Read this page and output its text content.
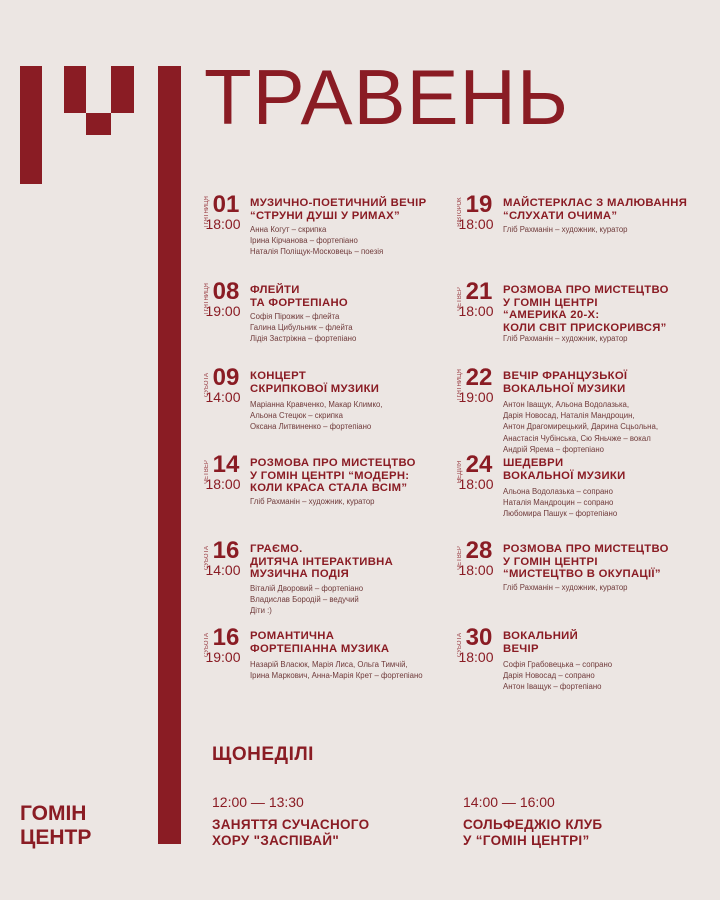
ТРАВЕНЬ
П'ЯТНИЦЯ 01
18:00
МУЗИЧНО-ПОЕТИЧНИЙ ВЕЧІР
“СТРУНИ ДУШІ У РИМАХ”
Анна Когут – скрипка
Ірина Кірчанова – фортепіано
Наталія Поліщук-Московець – поезія
П'ЯТНИЦЯ 08
19:00
ФЛЕЙТИ
ТА ФОРТЕПІАНО
Софія Пірожик – флейта
Галина Цибульник – флейта
Лідія Застріжна – фортепіано
СУБОТА 09
14:00
КОНЦЕРТ
СКРИПКОВОЇ МУЗИКИ
Маріанна Кравченко, Макар Климко,
Альона Стецюк – скрипка
Оксана Литвиненко – фортепіано
ЧЕТВЕР 14
18:00
РОЗМОВА ПРО МИСТЕЦТВО
У ГОМІН ЦЕНТРІ “МОДЕРН:
КОЛИ КРАСА СТАЛА ВСІМ”
Гліб Рахманін – художник, куратор
СУБОТА 16
14:00
ГРАЄМО.
ДИТЯЧА ІНТЕРАКТИВНА
МУЗИЧНА ПОДІЯ
Віталій Дворовий – фортепіано
Владислав Бородій – ведучий
Діти :)
СУБОТА 16
19:00
РОМАНТИЧНА
ФОРТЕПІАННА МУЗИКА
Назарій Власюк, Марія Лиса, Ольга Тимчій,
Ірина Маркович, Анна-Марія Крет – фортепіано
ВІВТОРОК 19
18:00
МАЙСТЕРКЛАС З МАЛЮВАННЯ
“СЛУХАТИ ОЧИМА”
Гліб Рахманін – художник, куратор
ЧЕТВЕР 21
18:00
РОЗМОВА ПРО МИСТЕЦТВО
У ГОМІН ЦЕНТРІ
“АМЕРИКА 20-Х:
КОЛИ СВІТ ПРИСКОРИВСЯ”
Гліб Рахманін – художник, куратор
П'ЯТНИЦЯ 22
19:00
ВЕЧІР ФРАНЦУЗЬКОЇ
ВОКАЛЬНОЇ МУЗИКИ
Антон Іващук, Альона Водолазька,
Дарія Новосад, Наталія Мандроцин,
Антон Драгомирецький, Дарина Сцьольна,
Анастасія Чубінська, Сю Яньчже – вокал
Андрій Ярема – фортепіано
НЕДІЛЯ 24
18:00
ШЕДЕВРИ
ВОКАЛЬНОЇ МУЗИКИ
Альона Водолазька – сопрано
Наталія Мандроцин – сопрано
Любомира Пашук – фортепіано
ЧЕТВЕР 28
18:00
РОЗМОВА ПРО МИСТЕЦТВО
У ГОМІН ЦЕНТРІ
“МИСТЕЦТВО В ОКУПАЦІЇ”
Гліб Рахманін – художник, куратор
СУБОТА 30
18:00
ВОКАЛЬНИЙ
ВЕЧІР
Софія Грабовецька – сопрано
Дарія Новосад – сопрано
Антон Іващук – фортепіано
ЩОНЕДІЛІ
12:00 — 13:30
ЗАНЯТТЯ СУЧАСНОГО
ХОРУ "ЗАСПІВАЙ"
14:00 — 16:00
СОЛЬФЕДЖІО КЛУБ
У “ГОМІН ЦЕНТРІ”
ГОМІН
ЦЕНТР
